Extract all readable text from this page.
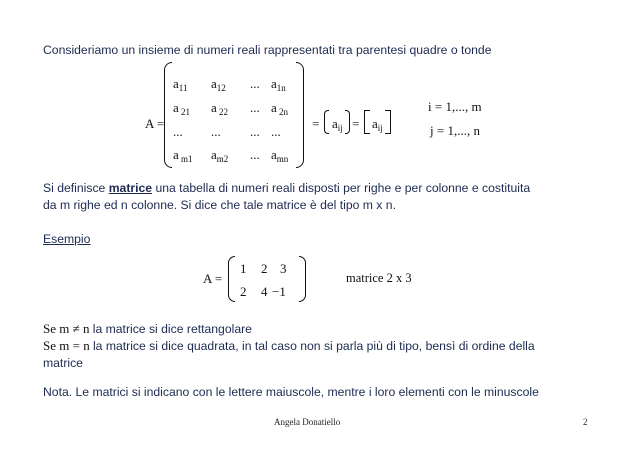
Consideriamo un insieme di numeri reali rappresentati tra parentesi quadre o tonde
A =
$a_{11}$ $a_{12}$ ... $a_{1n}$
a $_{21}$ a $_{22}$ ... a $_{2n}$
... ... ... ...
a $_{m1}$ $a_{m2}$ ... $a_{mn}$
= $a_{ij} = a_{ij}$
i = 1,..., m
j = 1,..., n
Si definisce matrice una tabella di numeri reali disposti per righe e per colonne e costituita
da m righe ed n colonne. Si dice che tale matrice è del tipo m x n.
Esempio
A =
1 2 3
2 4 −1
matrice 2 x 3
Se m ≠ n la matrice si dice rettangolare
Se m = n la matrice si dice quadrata, in tal caso non si parla più di tipo, bensì di ordine della
matrice
Nota. Le matrici si indicano con le lettere maiuscole, mentre i loro elementi con le minuscole
Angela Donatiello	2
